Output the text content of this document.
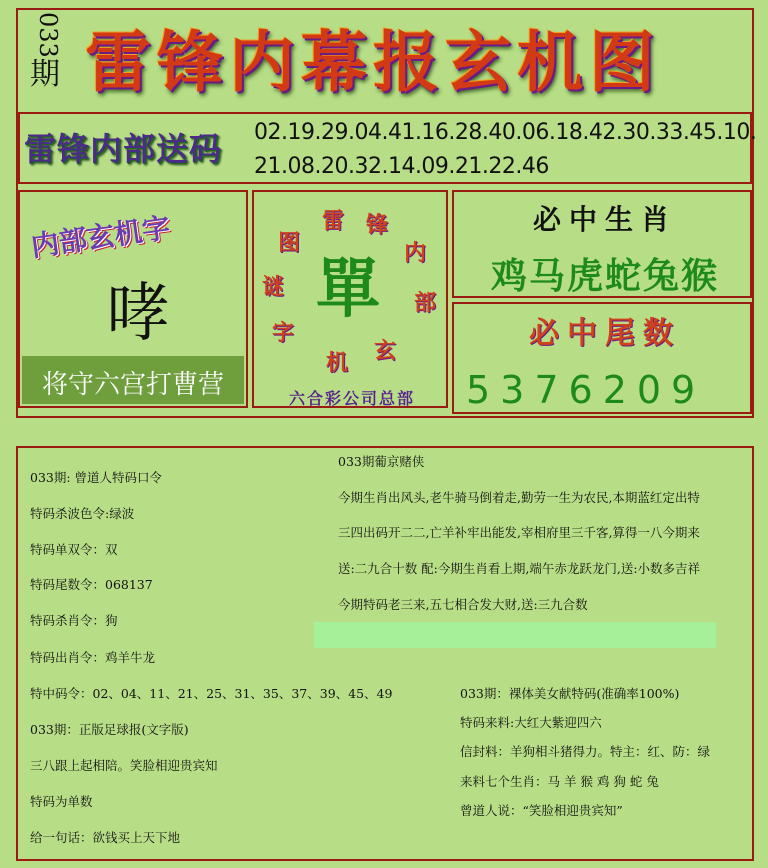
033
期 雷锋内幕报玄机图
雷锋内部送码	02.19.29.04.41.16.28.40.06.18.42.30.33.45.10.
21.08.20.32.14.09.21.22.46
内部玄机字
哮
将守六宫打曹营
雷 锋
内
部
玄
机
字
谜
图
單
六合彩公司总部
必中生肖
鸡马虎蛇兔猴
必中尾数
5376209
033期: 曾道人特码口令
特码杀波色令:绿波
特码单双令：双
特码尾数令：068137
特码杀肖令：狗
特码出肖令：鸡羊牛龙
特中码令：02、04、11、21、25、31、35、37、39、45、49
033期：正版足球报(文字版)
三八跟上起相陪。笑脸相迎贵宾知
特码为单数
给一句话：欲钱买上天下地
033期葡京赌侠
今期生肖出风头,老牛骑马倒着走,勤劳一生为农民,本期蓝红定出特
三四出码开二二,亡羊补牢出能发,宰相府里三千客,算得一八今期来
送:二九合十数 配:今期生肖看上期,端午赤龙跃龙门,送:小数多吉祥
今期特码老三来,五七相合发大财,送:三九合数
033期：裸体美女献特码(准确率100%)
特码来料:大红大紫迎四六
信封料：羊狗相斗猪得力。特主：红、防：绿
来料七个生肖：马 羊 猴 鸡 狗 蛇 兔
曾道人说：“笑脸相迎贵宾知”
